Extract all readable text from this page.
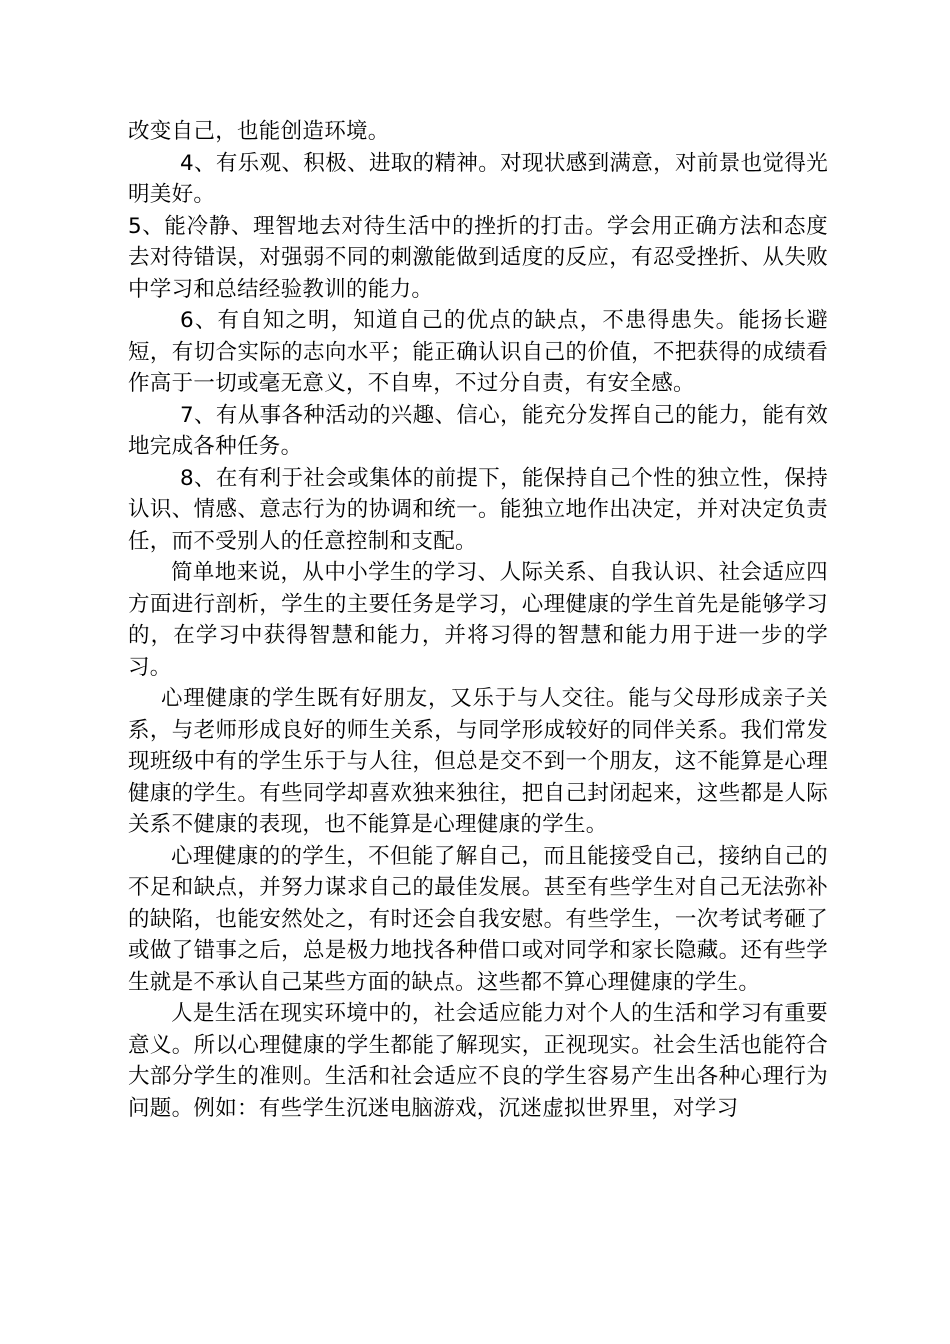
改变自己，也能创造环境。

4、有乐观、积极、进取的精神。对现状感到满意，对前景也觉得光明美好。

5、能冷静、理智地去对待生活中的挫折的打击。学会用正确方法和态度去对待错误，对强弱不同的刺激能做到适度的反应，有忍受挫折、从失败中学习和总结经验教训的能力。

6、有自知之明，知道自己的优点的缺点，不患得患失。能扬长避短，有切合实际的志向水平；能正确认识自己的价值，不把获得的成绩看作高于一切或毫无意义，不自卑，不过分自责，有安全感。

7、有从事各种活动的兴趣、信心，能充分发挥自己的能力，能有效地完成各种任务。

8、在有利于社会或集体的前提下，能保持自己个性的独立性，保持认识、情感、意志行为的协调和统一。能独立地作出决定，并对决定负责任，而不受别人的任意控制和支配。

简单地来说，从中小学生的学习、人际关系、自我认识、社会适应四方面进行剖析，学生的主要任务是学习，心理健康的学生首先是能够学习的，在学习中获得智慧和能力，并将习得的智慧和能力用于进一步的学习。

心理健康的学生既有好朋友，又乐于与人交往。能与父母形成亲子关系，与老师形成良好的师生关系，与同学形成较好的同伴关系。我们常发现班级中有的学生乐于与人往，但总是交不到一个朋友，这不能算是心理健康的学生。有些同学却喜欢独来独往，把自己封闭起来，这些都是人际关系不健康的表现，也不能算是心理健康的学生。

心理健康的的学生，不但能了解自己，而且能接受自己，接纳自己的不足和缺点，并努力谋求自己的最佳发展。甚至有些学生对自己无法弥补的缺陷，也能安然处之，有时还会自我安慰。有些学生，一次考试考砸了或做了错事之后，总是极力地找各种借口或对同学和家长隐藏。还有些学生就是不承认自己某些方面的缺点。这些都不算心理健康的学生。

人是生活在现实环境中的，社会适应能力对个人的生活和学习有重要意义。所以心理健康的学生都能了解现实，正视现实。社会生活也能符合大部分学生的准则。生活和社会适应不良的学生容易产生出各种心理行为问题。例如：有些学生沉迷电脑游戏，沉迷虚拟世界里，对学习
